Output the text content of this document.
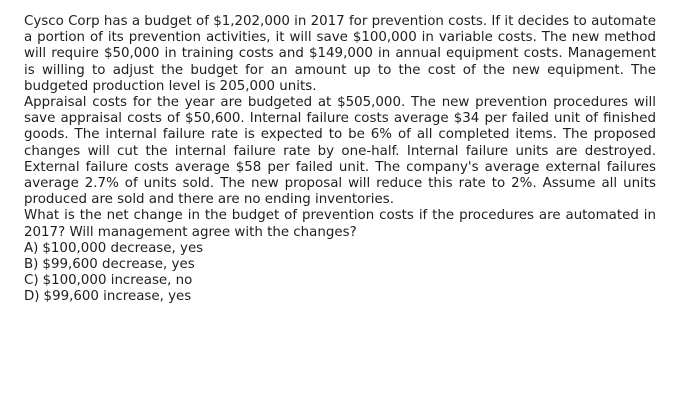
Cysco Corp has a budget of $1,202,000 in 2017 for prevention costs. If it decides to automate a portion of its prevention activities, it will save $100,000 in variable costs. The new method will require $50,000 in training costs and $149,000 in annual equipment costs. Management is willing to adjust the budget for an amount up to the cost of the new equipment. The budgeted production level is 205,000 units.

Appraisal costs for the year are budgeted at $505,000. The new prevention procedures will save appraisal costs of $50,600. Internal failure costs average $34 per failed unit of finished goods. The internal failure rate is expected to be 6% of all completed items. The proposed changes will cut the internal failure rate by one-half. Internal failure units are destroyed. External failure costs average $58 per failed unit. The company's average external failures average 2.7% of units sold. The new proposal will reduce this rate to 2%. Assume all units produced are sold and there are no ending inventories.

What is the net change in the budget of prevention costs if the procedures are automated in 2017? Will management agree with the changes?

A) $100,000 decrease, yes
B) $99,600 decrease, yes
C) $100,000 increase, no
D) $99,600 increase, yes
